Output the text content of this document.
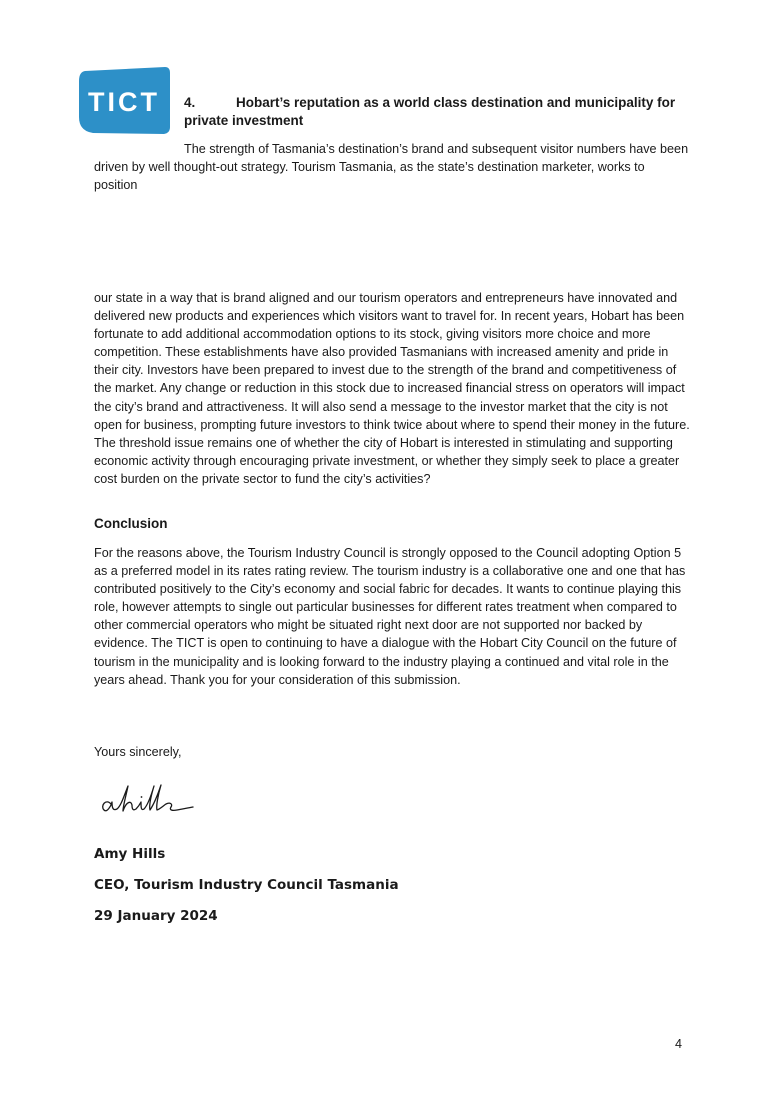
TICT 4.	Hobart’s reputation as a world class destination and municipality for private investment

The strength of Tasmania’s destination’s brand and subsequent visitor numbers have been driven by well thought-out strategy. Tourism Tasmania, as the state’s destination marketer, works to position

our state in a way that is brand aligned and our tourism operators and entrepreneurs have innovated and delivered new products and experiences which visitors want to travel for. In recent years, Hobart has been fortunate to add additional accommodation options to its stock, giving visitors more choice and more competition. These establishments have also provided Tasmanians with increased amenity and pride in their city. Investors have been prepared to invest due to the strength of the brand and competitiveness of the market. Any change or reduction in this stock due to increased financial stress on operators will impact the city’s brand and attractiveness. It will also send a message to the investor market that the city is not open for business, prompting future investors to think twice about where to spend their money in the future. The threshold issue remains one of whether the city of Hobart is interested in stimulating and supporting economic activity through encouraging private investment, or whether they simply seek to place a greater cost burden on the private sector to fund the city’s activities?

Conclusion

For the reasons above, the Tourism Industry Council is strongly opposed to the Council adopting Option 5 as a preferred model in its rates rating review. The tourism industry is a collaborative one and one that has contributed positively to the City’s economy and social fabric for decades. It wants to continue playing this role, however attempts to single out particular businesses for different rates treatment when compared to other commercial operators who might be situated right next door are not supported nor backed by evidence. The TICT is open to continuing to have a dialogue with the Hobart City Council on the future of tourism in the municipality and is looking forward to the industry playing a continued and vital role in the years ahead. Thank you for your consideration of this submission.

Yours sincerely,
Amy Hills
CEO, Tourism Industry Council Tasmania
29 January 2024
4
